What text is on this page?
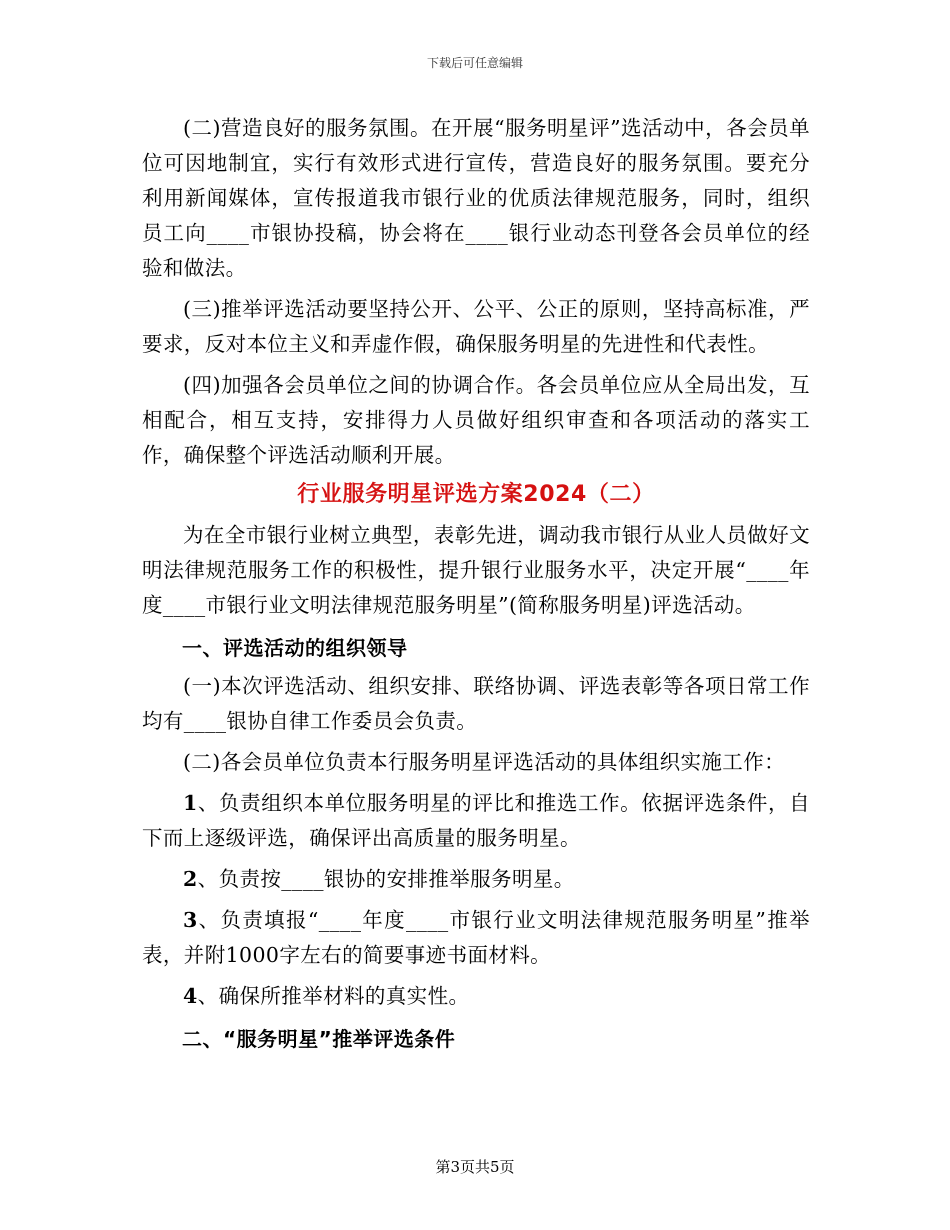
下载后可任意编辑

(二)营造良好的服务氛围。在开展“服务明星评”选活动中，各会员单位可因地制宜，实行有效形式进行宣传，营造良好的服务氛围。要充分利用新闻媒体，宣传报道我市银行业的优质法律规范服务，同时，组织员工向____市银协投稿，协会将在____银行业动态刊登各会员单位的经验和做法。

(三)推举评选活动要坚持公开、公平、公正的原则，坚持高标准，严要求，反对本位主义和弄虚作假，确保服务明星的先进性和代表性。

(四)加强各会员单位之间的协调合作。各会员单位应从全局出发，互相配合，相互支持，安排得力人员做好组织审查和各项活动的落实工作，确保整个评选活动顺利开展。

行业服务明星评选方案2024（二）

为在全市银行业树立典型，表彰先进，调动我市银行从业人员做好文明法律规范服务工作的积极性，提升银行业服务水平，决定开展“____年度____市银行业文明法律规范服务明星”(简称服务明星)评选活动。

一、评选活动的组织领导

(一)本次评选活动、组织安排、联络协调、评选表彰等各项日常工作均有____银协自律工作委员会负责。

(二)各会员单位负责本行服务明星评选活动的具体组织实施工作：

1、负责组织本单位服务明星的评比和推选工作。依据评选条件，自下而上逐级评选，确保评出高质量的服务明星。

2、负责按____银协的安排推举服务明星。

3、负责填报“____年度____市银行业文明法律规范服务明星”推举表，并附1000字左右的简要事迹书面材料。

4、确保所推举材料的真实性。

二、“服务明星”推举评选条件
第3页共5页
